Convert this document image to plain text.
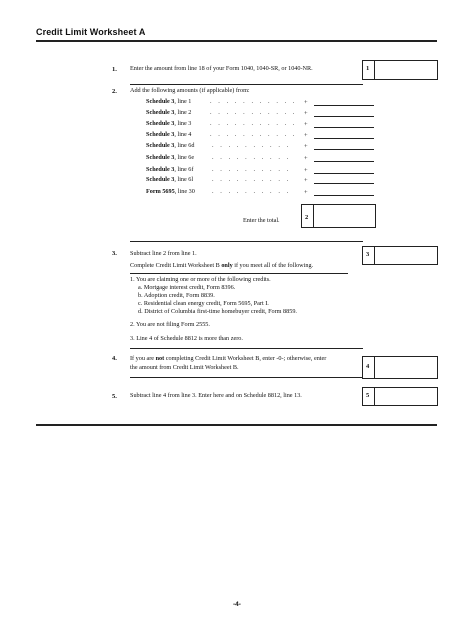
Credit Limit Worksheet A
1. Enter the amount from line 18 of your Form 1040, 1040-SR, or 1040-NR.	1
2. Add the following amounts (if applicable) from:
Schedule 3, line 1	. . . . . . . . . . . +
Schedule 3, line 2	. . . . . . . . . . . +
Schedule 3, line 3	. . . . . . . . . . . +
Schedule 3, line 4	. . . . . . . . . . . +
Schedule 3, line 6d	. . . . . . . . . . +
Schedule 3, line 6e	. . . . . . . . . . +
Schedule 3, line 6f	. . . . . . . . . . +
Schedule 3, line 6l	. . . . . . . . . . +
Form 5695, line 30	. . . . . . . . . . +
Enter the total.	2
3. Subtract line 2 from line 1.	3
Complete Credit Limit Worksheet B only if you meet all of the following.
1. You are claiming one or more of the following credits.
a. Mortgage interest credit, Form 8396.
b. Adoption credit, Form 8839.
c. Residential clean energy credit, Form 5695, Part I.
d. District of Columbia first-time homebuyer credit, Form 8859.
2. You are not filing Form 2555.
3. Line 4 of Schedule 8812 is more than zero.
4. If you are not completing Credit Limit Worksheet B, enter -0-; otherwise, enter
the amount from Credit Limit Worksheet B.	4
5. Subtract line 4 from line 3. Enter here and on Schedule 8812, line 13.	5
-4-
